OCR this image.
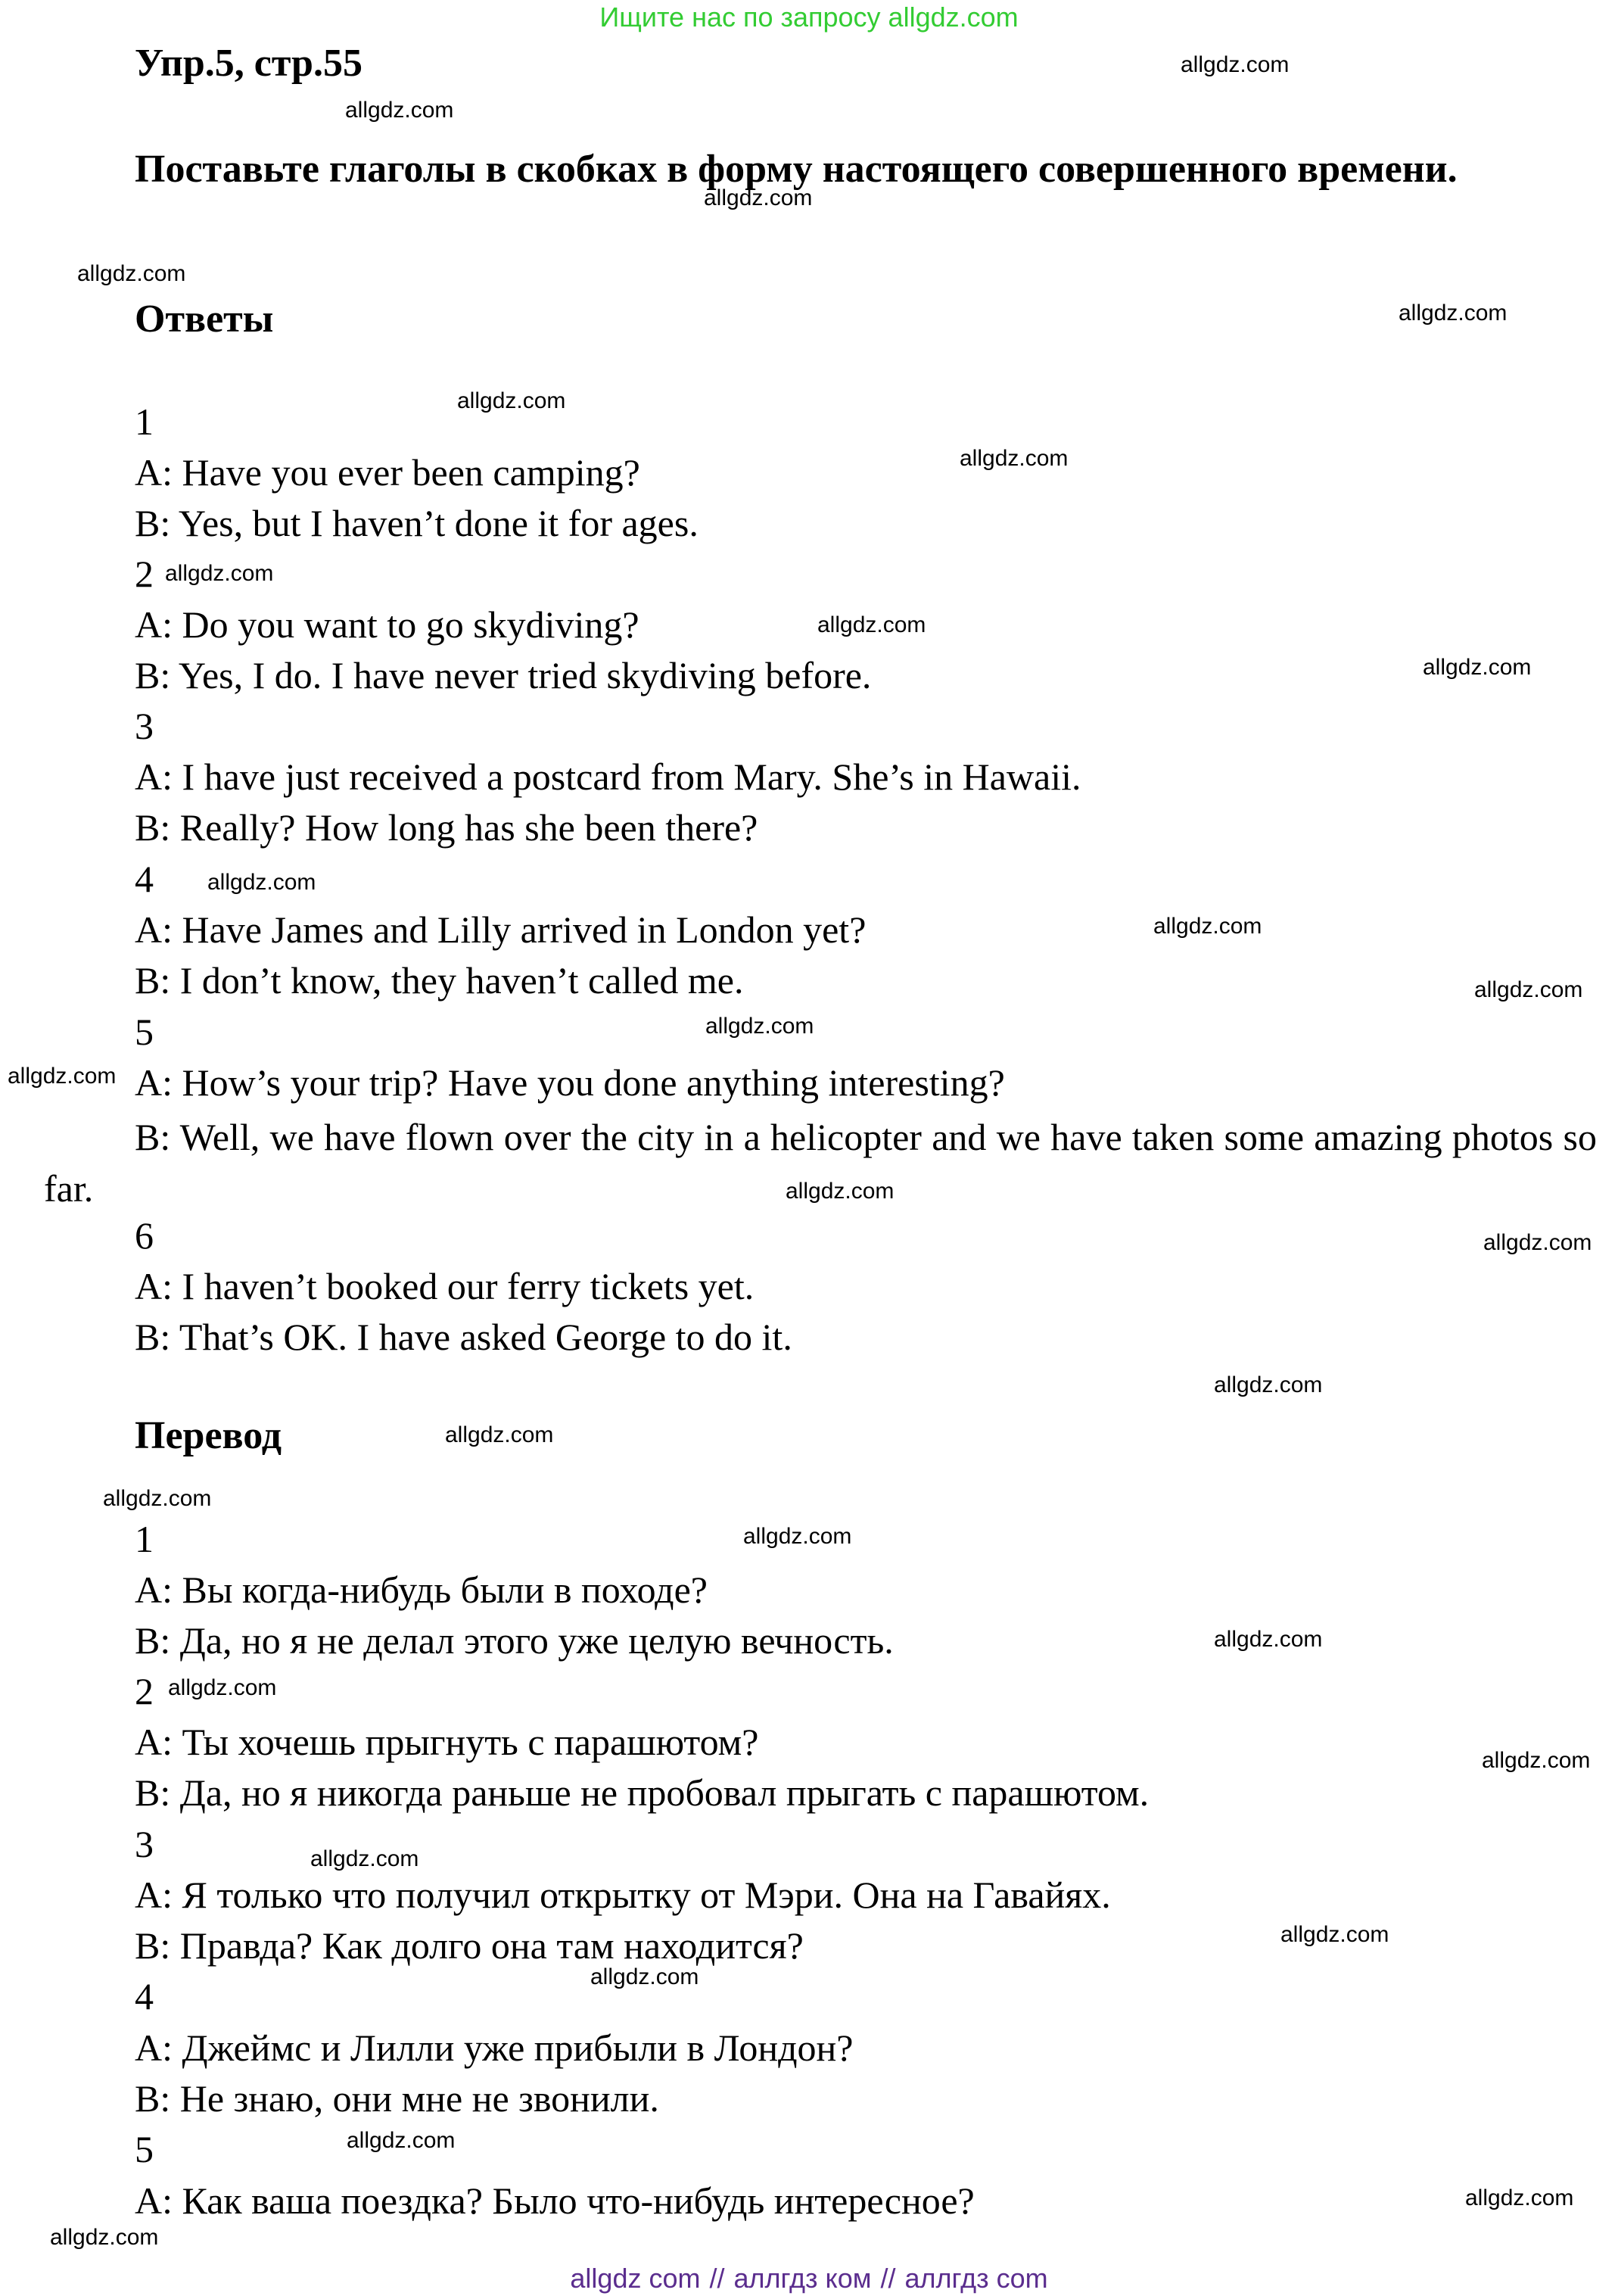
Ищите нас по запросу allgdz.com
Упр.5, стр.55
Поставьте глаголы в скобках в форму настоящего совершенного времени.
Ответы
1
A: Have you ever been camping?
B: Yes, but I haven’t done it for ages.
2
A: Do you want to go skydiving?
B: Yes, I do. I have never tried skydiving before.
3
A: I have just received a postcard from Mary. She’s in Hawaii.
B: Really? How long has she been there?
4
A: Have James and Lilly arrived in London yet?
B: I don’t know, they haven’t called me.
5
A: How’s your trip? Have you done anything interesting?
B: Well, we have flown over the city in a helicopter and we have taken some amazing photos so far.
6
A: I haven’t booked our ferry tickets yet.
B: That’s OK. I have asked George to do it.
Перевод
1
A: Вы когда-нибудь были в походе?
B: Да, но я не делал этого уже целую вечность.
2
A: Ты хочешь прыгнуть с парашютом?
B: Да, но я никогда раньше не пробовал прыгать с парашютом.
3
A: Я только что получил открытку от Мэри. Она на Гавайях.
B: Правда? Как долго она там находится?
4
A: Джеймс и Лилли уже прибыли в Лондон?
B: Не знаю, они мне не звонили.
5
A: Как ваша поездка? Было что-нибудь интересное?
allgdz.com
allgdz.com
allgdz.com
allgdz.com
allgdz.com
allgdz.com
allgdz.com
allgdz.com
allgdz.com
allgdz.com
allgdz.com
allgdz.com
allgdz.com
allgdz.com
allgdz.com
allgdz.com
allgdz.com
allgdz.com
allgdz.com
allgdz.com
allgdz.com
allgdz.com
allgdz.com
allgdz.com
allgdz.com
allgdz.com
allgdz.com
allgdz.com
allgdz.com
allgdz.com
allgdz com // аллгдз ком // аллгдз com
